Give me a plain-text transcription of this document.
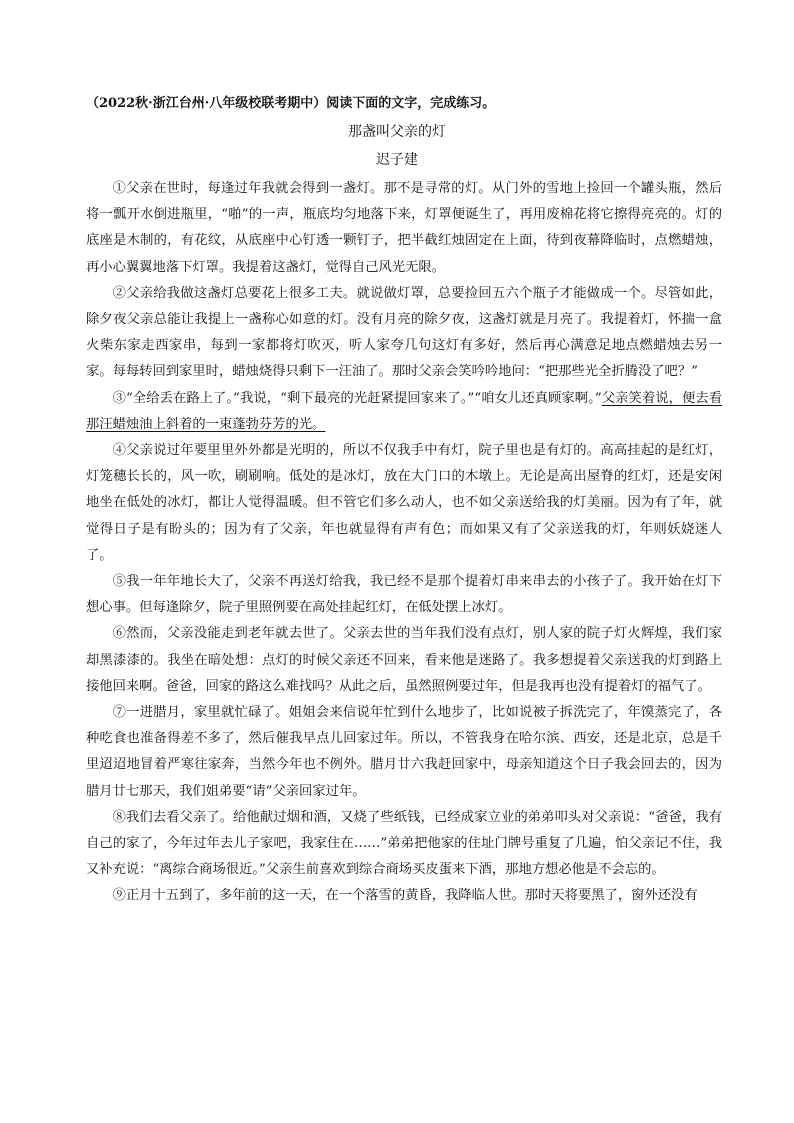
（2022秋·浙江台州·八年级校联考期中）阅读下面的文字，完成练习。
那盏叫父亲的灯
迟子建

①父亲在世时，每逢过年我就会得到一盏灯。那不是寻常的灯。从门外的雪地上捡回一个罐头瓶，然后将一瓢开水倒进瓶里，“啪”的一声，瓶底均匀地落下来，灯罩便诞生了，再用废棉花将它擦得亮亮的。灯的底座是木制的，有花纹，从底座中心钉透一颗钉子，把半截红烛固定在上面，待到夜幕降临时，点燃蜡烛，再小心翼翼地落下灯罩。我提着这盏灯，觉得自己风光无限。

②父亲给我做这盏灯总要花上很多工夫。就说做灯罩，总要捡回五六个瓶子才能做成一个。尽管如此，除夕夜父亲总能让我提上一盏称心如意的灯。没有月亮的除夕夜，这盏灯就是月亮了。我提着灯，怀揣一盒火柴东家走西家串，每到一家都将灯吹灭，听人家夸几句这灯有多好，然后再心满意足地点燃蜡烛去另一家。每每转回到家里时，蜡烛烧得只剩下一汪油了。那时父亲会笑吟吟地问：“把那些光全折腾没了吧？”

③“全给丢在路上了。”我说，“剩下最亮的光赶紧提回家来了。”“咱女儿还真顾家啊。”父亲笑着说，便去看那汪蜡烛油上斜着的一束蓬勃芬芳的光。

④父亲说过年要里里外外都是光明的，所以不仅我手中有灯，院子里也是有灯的。高高挂起的是红灯，灯笼穗长长的，风一吹，刷刷响。低处的是冰灯，放在大门口的木墩上。无论是高出屋脊的红灯，还是安闲地坐在低处的冰灯，都让人觉得温暖。但不管它们多么动人，也不如父亲送给我的灯美丽。因为有了年，就觉得日子是有盼头的；因为有了父亲，年也就显得有声有色；而如果又有了父亲送我的灯，年则妖娆迷人了。

⑤我一年年地长大了，父亲不再送灯给我，我已经不是那个提着灯串来串去的小孩子了。我开始在灯下想心事。但每逢除夕，院子里照例要在高处挂起红灯，在低处摆上冰灯。

⑥然而，父亲没能走到老年就去世了。父亲去世的当年我们没有点灯，别人家的院子灯火辉煌，我们家却黑漆漆的。我坐在暗处想：点灯的时候父亲还不回来，看来他是迷路了。我多想提着父亲送我的灯到路上接他回来啊。爸爸，回家的路这么难找吗？从此之后，虽然照例要过年，但是我再也没有提着灯的福气了。

⑦一进腊月，家里就忙碌了。姐姐会来信说年忙到什么地步了，比如说被子拆洗完了，年馍蒸完了，各种吃食也准备得差不多了，然后催我早点儿回家过年。所以，不管我身在哈尔滨、西安，还是北京，总是千里迢迢地冒着严寒往家奔，当然今年也不例外。腊月廿六我赶回家中，母亲知道这个日子我会回去的，因为腊月廿七那天，我们姐弟要“请”父亲回家过年。

⑧我们去看父亲了。给他献过烟和酒，又烧了些纸钱，已经成家立业的弟弟叩头对父亲说：“爸爸，我有自己的家了，今年过年去儿子家吧，我家住在……”弟弟把他家的住址门牌号重复了几遍，怕父亲记不住，我又补充说：“离综合商场很近。”父亲生前喜欢到综合商场买皮蛋来下酒，那地方想必他是不会忘的。

⑨正月十五到了，多年前的这一天，在一个落雪的黄昏，我降临人世。那时天将要黑了，窗外还没有
